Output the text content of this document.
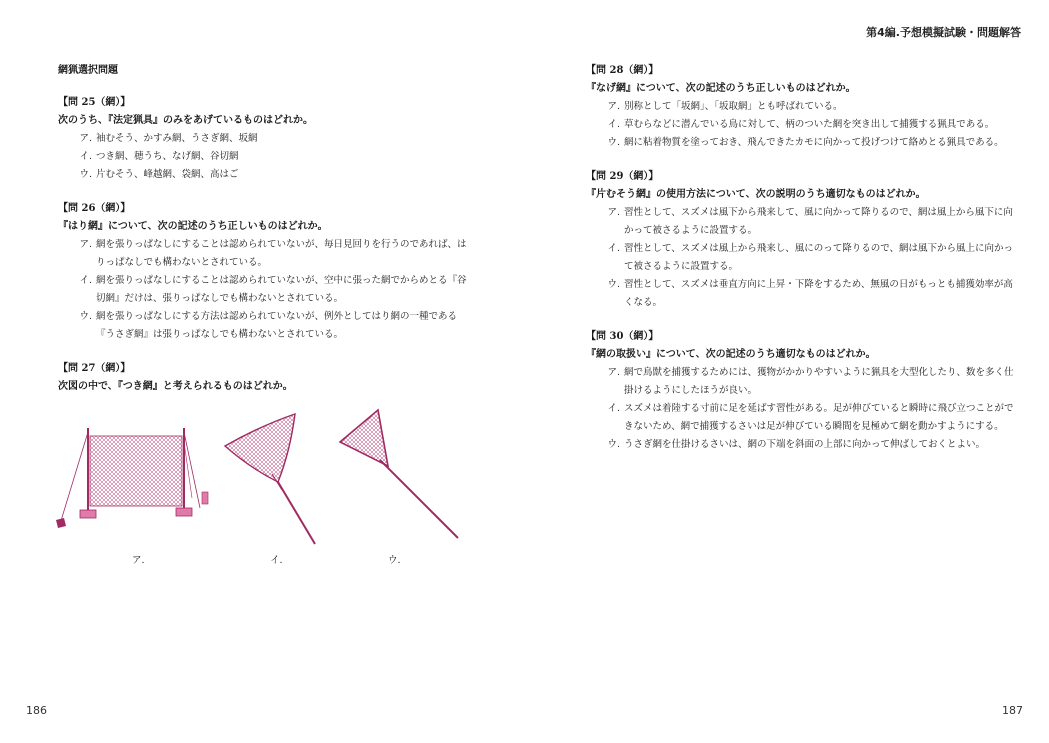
第4編.予想模擬試験・問題解答
網猟選択問題
【問 25（網）】
次のうち、『法定猟具』のみをあげているものはどれか。
ア. 袖むそう、かすみ網、うさぎ網、坂網
イ. つき網、穂うち、なげ網、谷切網
ウ. 片むそう、峰越網、袋網、高はご
【問 26（網）】
『はり網』について、次の記述のうち正しいものはどれか。
ア. 網を張りっぱなしにすることは認められていないが、毎日見回りを行うのであれば、はりっぱなしでも構わないとされている。
イ. 網を張りっぱなしにすることは認められていないが、空中に張った網でからめとる『谷切網』だけは、張りっぱなしでも構わないとされている。
ウ. 網を張りっぱなしにする方法は認められていないが、例外としてはり網の一種である『うさぎ網』は張りっぱなしでも構わないとされている。
【問 27（網）】
次図の中で、『つき網』と考えられるものはどれか。
ア.	イ.	ウ.
186
【問 28（網）】
『なげ網』について、次の記述のうち正しいものはどれか。
ア. 別称として「坂網」、「坂取網」とも呼ばれている。
イ. 草むらなどに潜んでいる鳥に対して、柄のついた網を突き出して捕獲する猟具である。
ウ. 網に粘着物質を塗っておき、飛んできたカモに向かって投げつけて絡めとる猟具である。
【問 29（網）】
『片むそう網』の使用方法について、次の説明のうち適切なものはどれか。
ア. 習性として、スズメは風下から飛来して、風に向かって降りるので、網は風上から風下に向かって被さるように設置する。
イ. 習性として、スズメは風上から飛来し、風にのって降りるので、網は風下から風上に向かって被さるように設置する。
ウ. 習性として、スズメは垂直方向に上昇・下降をするため、無風の日がもっとも捕獲効率が高くなる。
【問 30（網）】
『網の取扱い』について、次の記述のうち適切なものはどれか。
ア. 網で鳥獣を捕獲するためには、獲物がかかりやすいように猟具を大型化したり、数を多く仕掛けるようにしたほうが良い。
イ. スズメは着陸する寸前に足を延ばす習性がある。足が伸びていると瞬時に飛び立つことができないため、網で捕獲するさいは足が伸びている瞬間を見極めて網を動かすようにする。
ウ. うさぎ網を仕掛けるさいは、網の下端を斜面の上部に向かって伸ばしておくとよい。
187
